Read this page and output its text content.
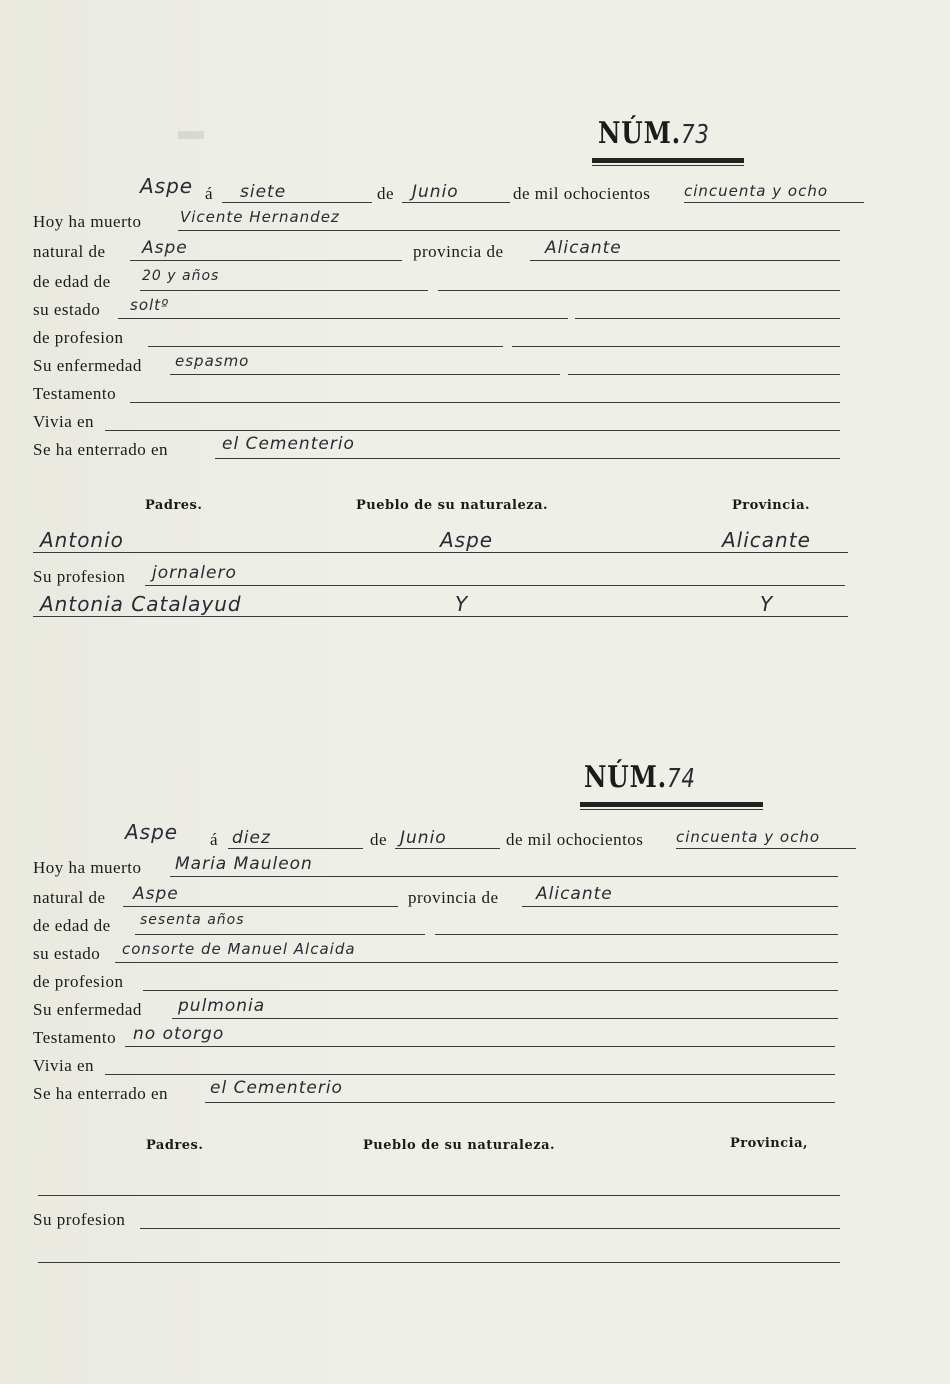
▬	NÚM.73
Aspe á siete	de Junio	de mil ochocientos cincuenta y ocho
Hoy ha muerto	Vicente Hernandez
natural de Aspe	provincia de Alicante
de edad de 20 y años
su estado soltº
de profesion
Su enfermedad espasmo
Testamento
Vivia en
Se ha enterrado en	el Cementerio
Padres.	Pueblo de su naturaleza.	Provincia.
Antonio	Aspe	Alicante
Su profesion jornalero
Antonia Catalayud	Y	Y
NÚM.74
Aspe á diez	de Junio	de mil ochocientos cincuenta y ocho
Hoy ha muerto Maria Mauleon
natural de Aspe	provincia de Alicante
de edad de sesenta años
su estado consorte de Manuel Alcaida
de profesion
Su enfermedad pulmonia
Testamento no otorgo
Vivia en
Se ha enterrado en el Cementerio
Padres.	Pueblo de su naturaleza.	Provincia,
Su profesion
